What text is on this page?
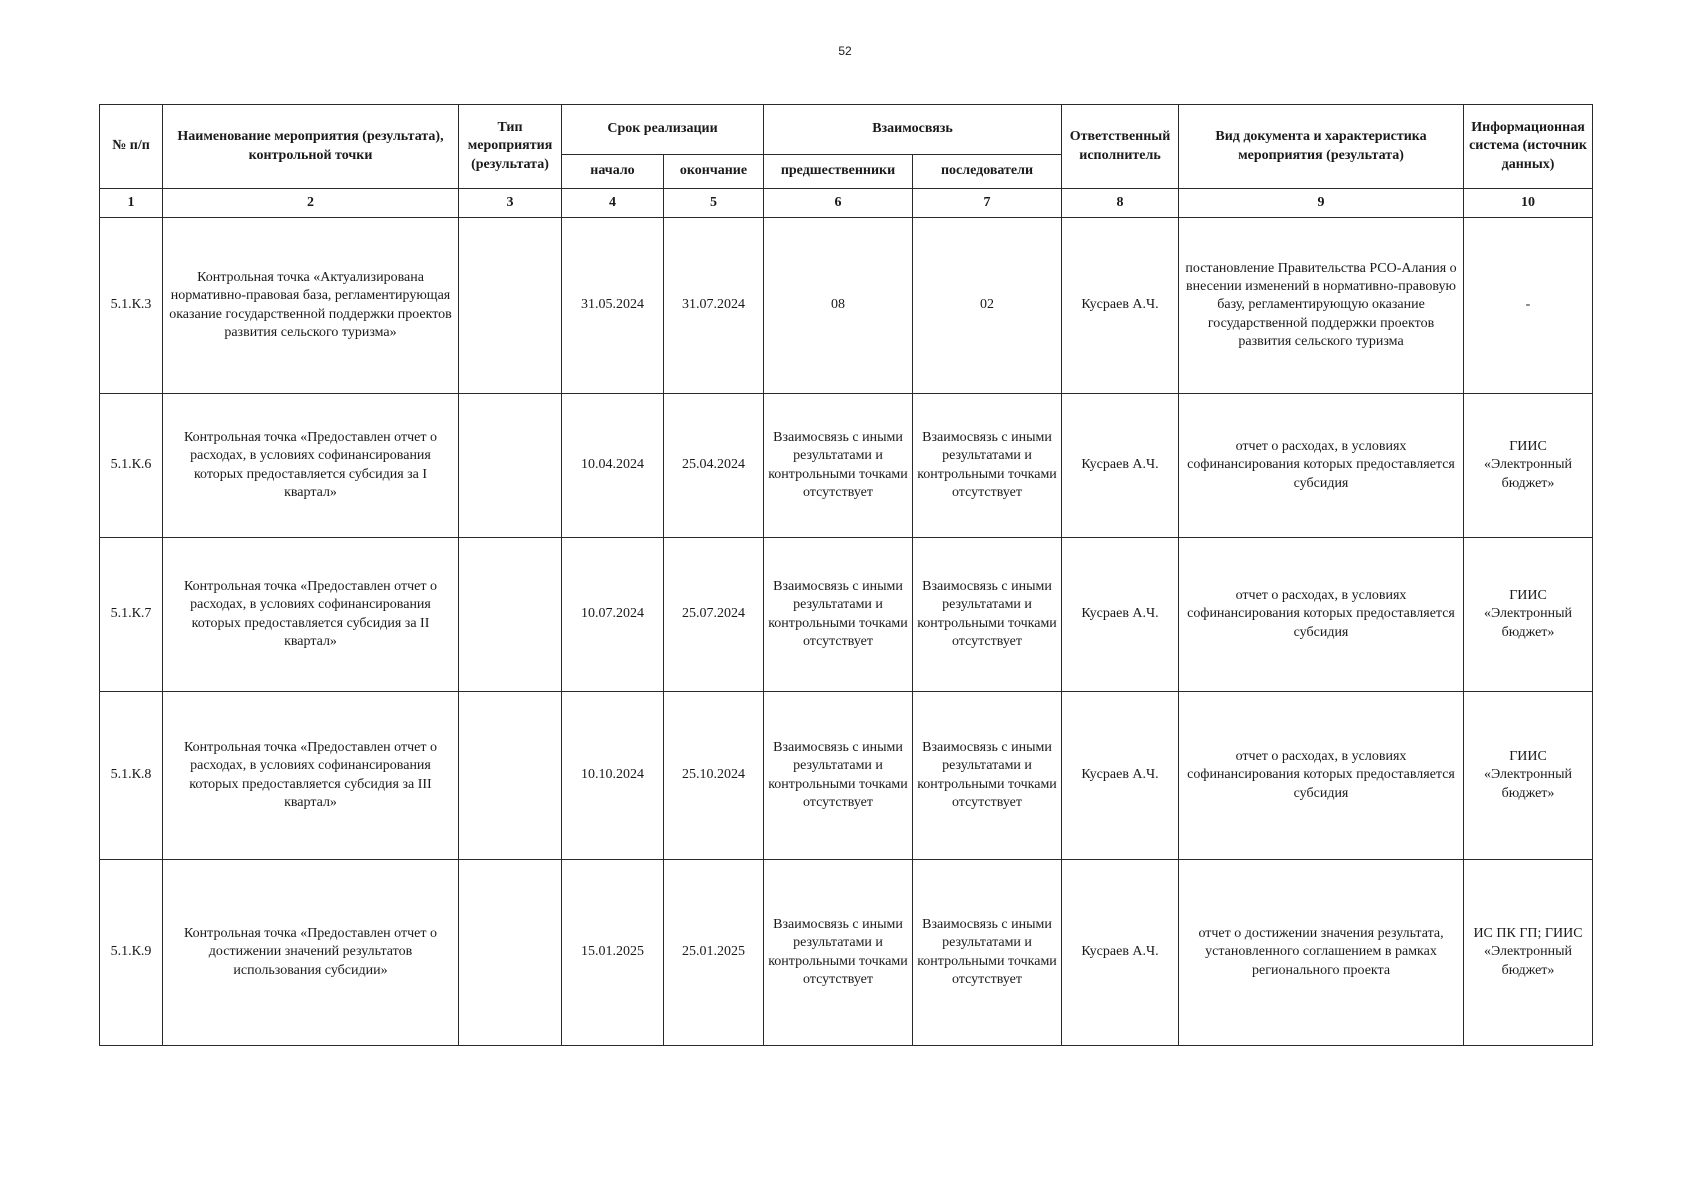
52
№ п/п	Наименование мероприятия (результата), контрольной точки	Тип мероприятия (результата)	Срок реализации		Взаимосвязь		Ответственный исполнитель	Вид документа и характеристика мероприятия (результата)	Информационная система (источник данных)
			начало	окончание	предшественники	последователи			
1	2	3	4	5	6	7	8	9	10
5.1.К.3	Контрольная точка «Актуализирована нормативно-правовая база, регламентирующая оказание государственной поддержки проектов развития сельского туризма»		31.05.2024	31.07.2024	08	02	Кусраев А.Ч.	постановление Правительства РСО-Алания о внесении изменений в нормативно-правовую базу, регламентирующую оказание государственной поддержки проектов развития сельского туризма	-
5.1.К.6	Контрольная точка «Предоставлен отчет о расходах, в условиях софинансирования которых предоставляется субсидия за I квартал»		10.04.2024	25.04.2024	Взаимосвязь с иными результатами и контрольными точками отсутствует	Взаимосвязь с иными результатами и контрольными точками отсутствует	Кусраев А.Ч.	отчет о расходах, в условиях софинансирования которых предоставляется субсидия	ГИИС «Электронный бюджет»
5.1.К.7	Контрольная точка «Предоставлен отчет о расходах, в условиях софинансирования которых предоставляется субсидия за II квартал»		10.07.2024	25.07.2024	Взаимосвязь с иными результатами и контрольными точками отсутствует	Взаимосвязь с иными результатами и контрольными точками отсутствует	Кусраев А.Ч.	отчет о расходах, в условиях софинансирования которых предоставляется субсидия	ГИИС «Электронный бюджет»
5.1.К.8	Контрольная точка «Предоставлен отчет о расходах, в условиях софинансирования которых предоставляется субсидия за III квартал»		10.10.2024	25.10.2024	Взаимосвязь с иными результатами и контрольными точками отсутствует	Взаимосвязь с иными результатами и контрольными точками отсутствует	Кусраев А.Ч.	отчет о расходах, в условиях софинансирования которых предоставляется субсидия	ГИИС «Электронный бюджет»
5.1.К.9	Контрольная точка «Предоставлен отчет о достижении значений результатов использования субсидии»		15.01.2025	25.01.2025	Взаимосвязь с иными результатами и контрольными точками отсутствует	Взаимосвязь с иными результатами и контрольными точками отсутствует	Кусраев А.Ч.	отчет о достижении значения результата, установленного соглашением в рамках регионального проекта	ИС ПК ГП; ГИИС «Электронный бюджет»
